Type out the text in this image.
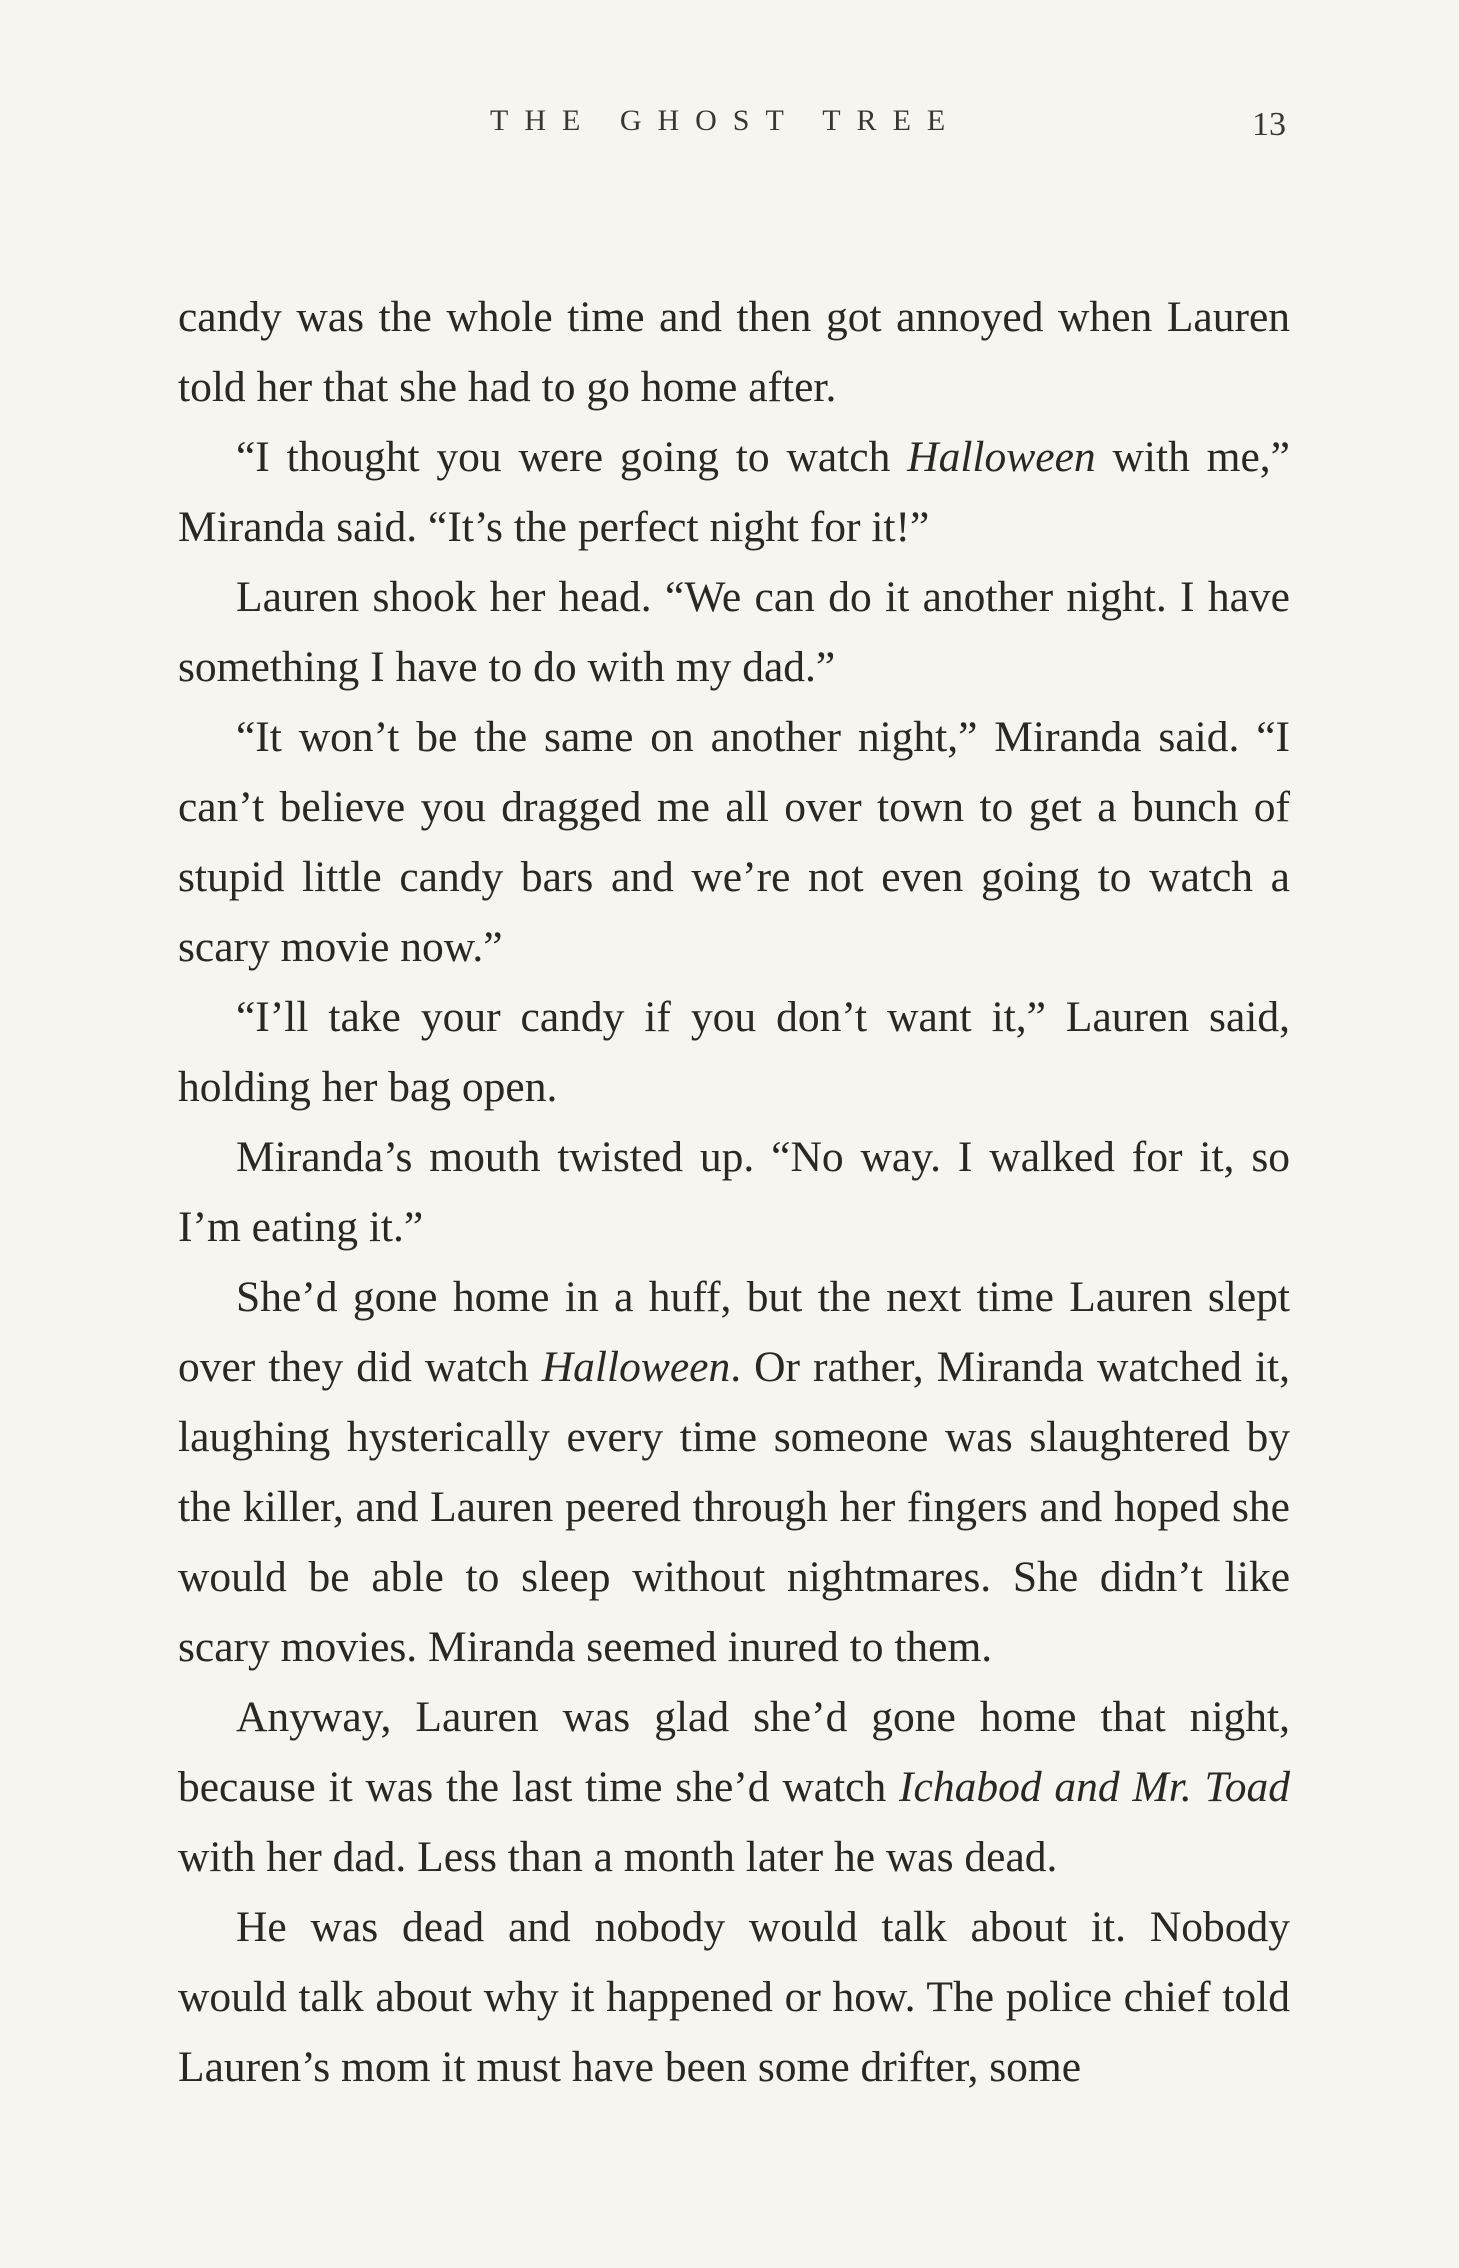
THE GHOST TREE	13

candy was the whole time and then got annoyed when Lauren told her that she had to go home after.

“I thought you were going to watch Halloween with me,” Miranda said. “It’s the perfect night for it!”

Lauren shook her head. “We can do it another night. I have something I have to do with my dad.”

“It won’t be the same on another night,” Miranda said. “I can’t believe you dragged me all over town to get a bunch of stupid little candy bars and we’re not even going to watch a scary movie now.”

“I’ll take your candy if you don’t want it,” Lauren said, holding her bag open.

Miranda’s mouth twisted up. “No way. I walked for it, so I’m eating it.”

She’d gone home in a huff, but the next time Lauren slept over they did watch Halloween. Or rather, Miranda watched it, laughing hysterically every time someone was slaughtered by the killer, and Lauren peered through her fingers and hoped she would be able to sleep without nightmares. She didn’t like scary movies. Miranda seemed inured to them.

Anyway, Lauren was glad she’d gone home that night, because it was the last time she’d watch Ichabod and Mr. Toad with her dad. Less than a month later he was dead.

He was dead and nobody would talk about it. Nobody would talk about why it happened or how. The police chief told Lauren’s mom it must have been some drifter, some
